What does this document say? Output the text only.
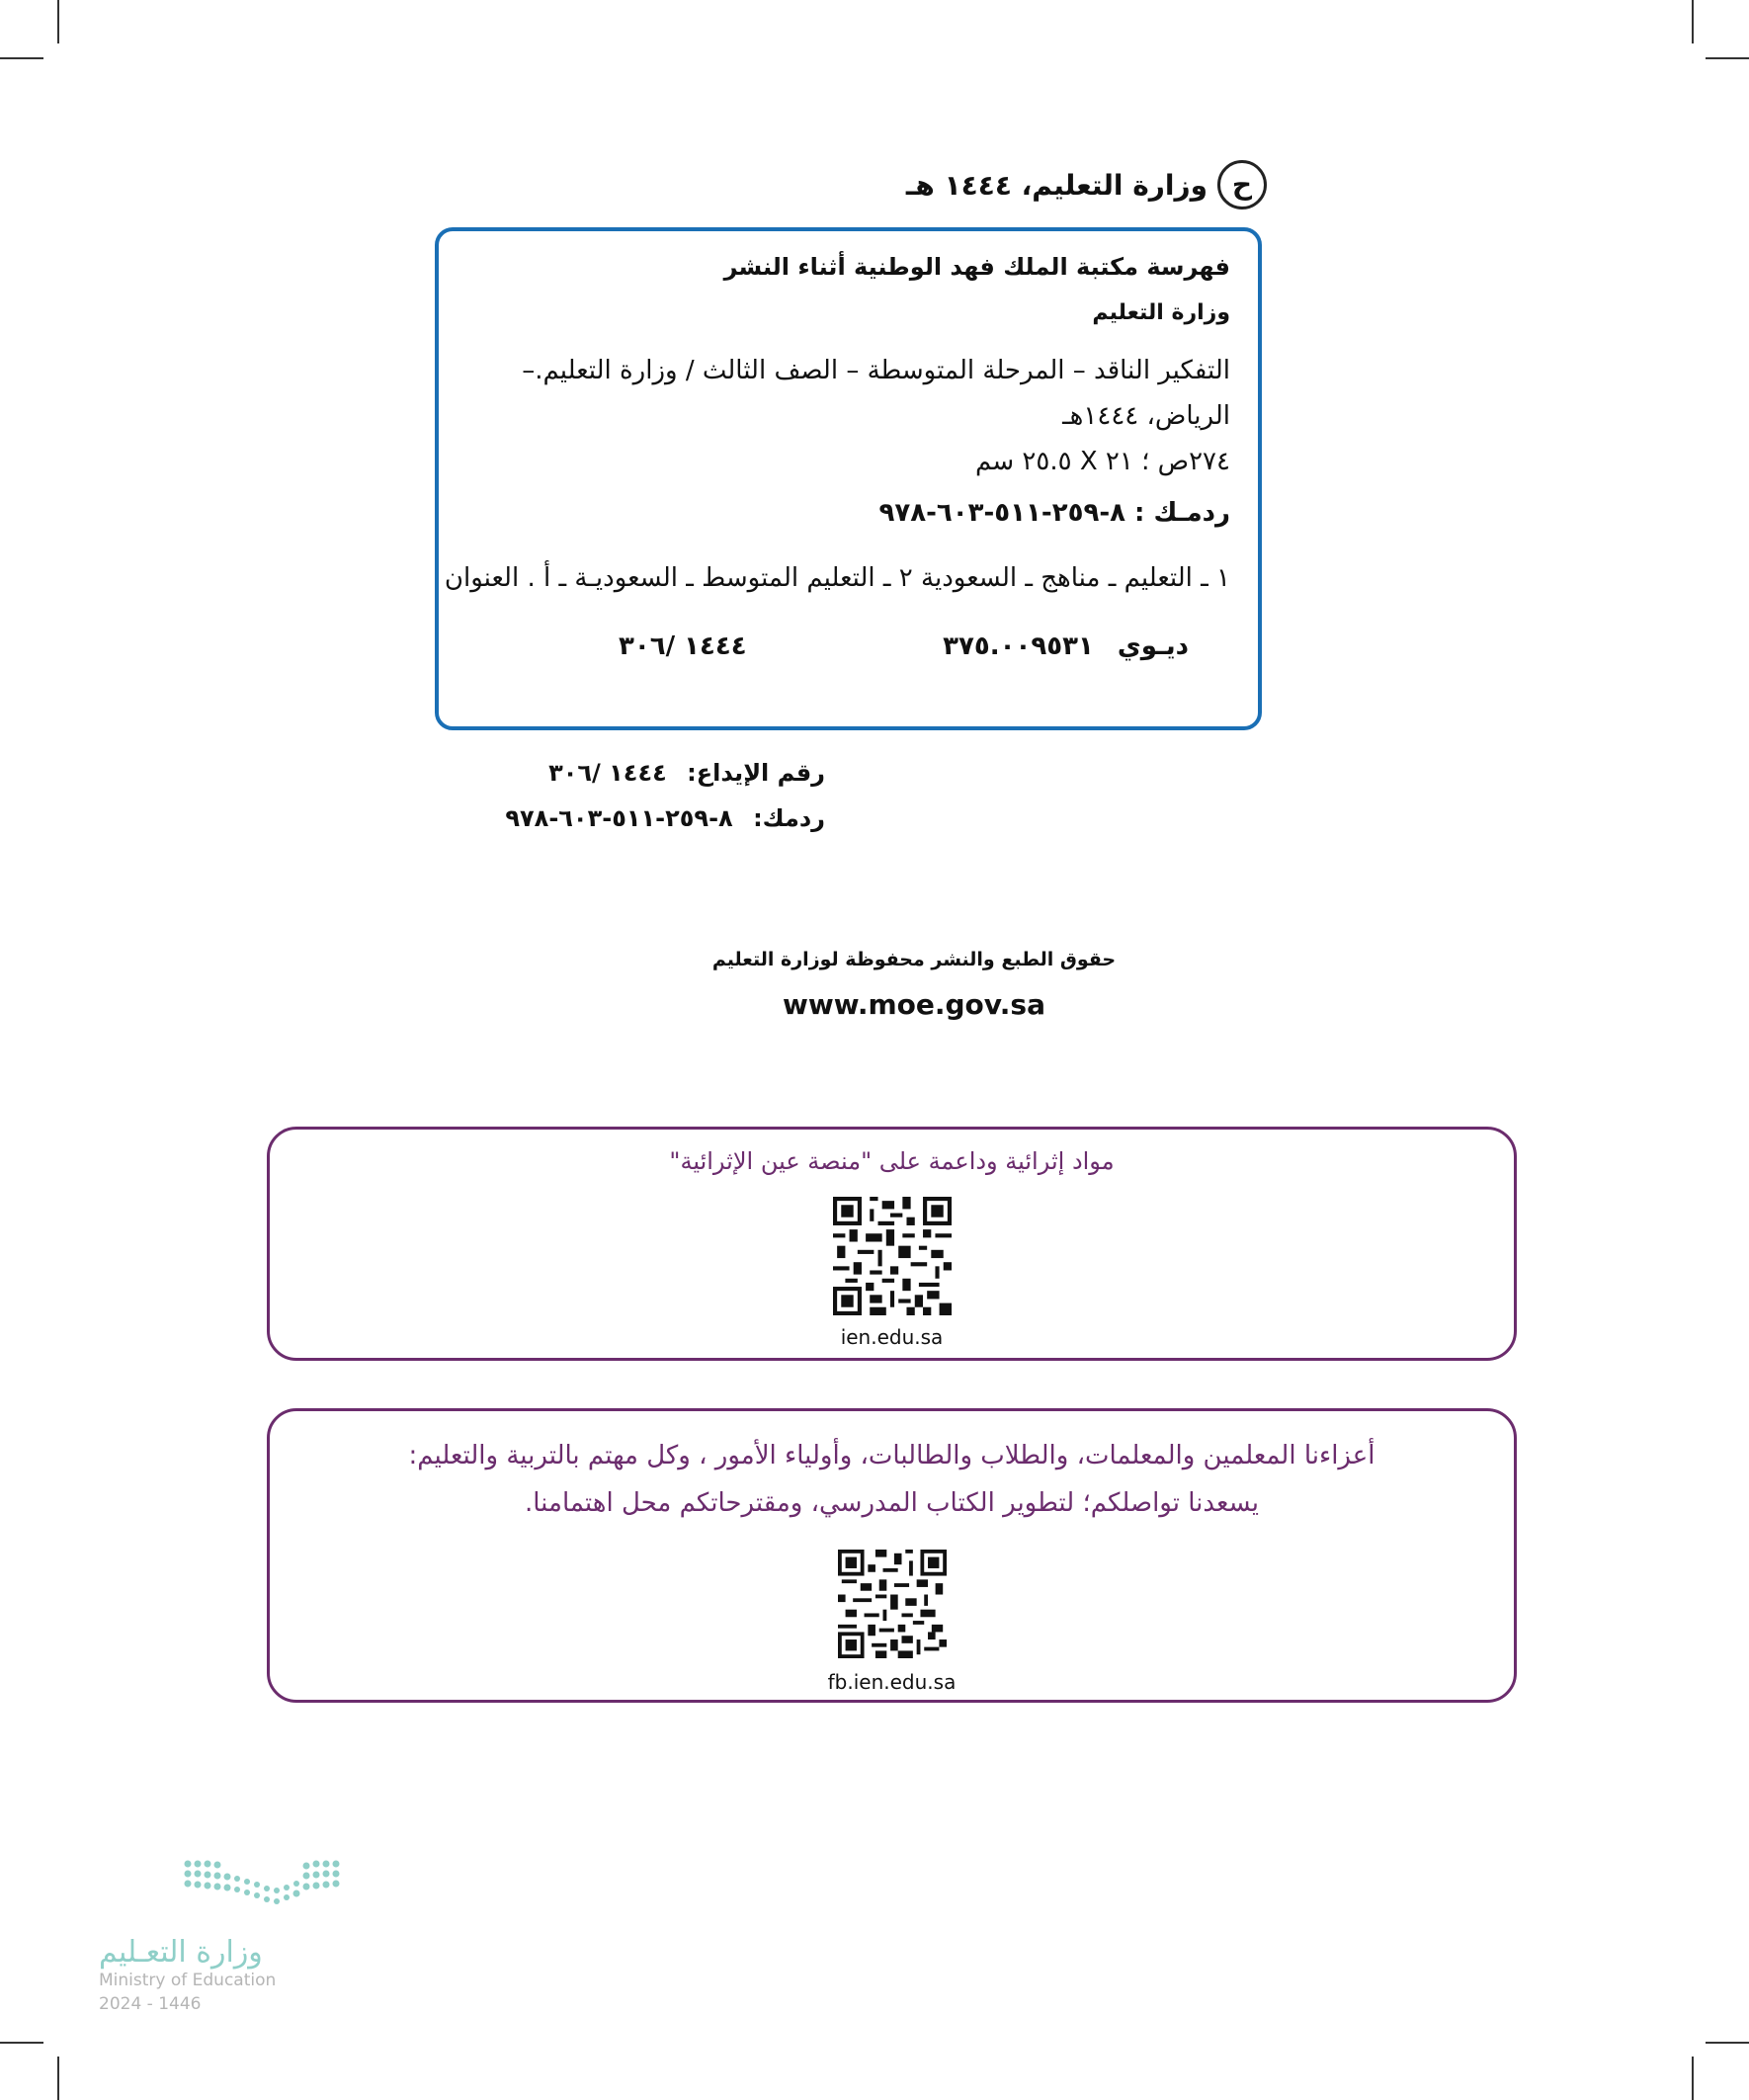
ح
وزارة التعليم، ١٤٤٤ هـ
فهرسة مكتبة الملك فهد الوطنية أثناء النشر
وزارة التعليم
التفكير الناقد – المرحلة المتوسطة – الصف الثالث / وزارة التعليم.– الرياض، ١٤٤٤هـ
٢٧٤ص ؛ ٢١ X ٢٥.٥ سم
ردمـك : ٨-٢٥٩-٥١١-٦٠٣-٩٧٨
١ ـ التعليم ـ مناهج ـ السعودية ٢ ـ التعليم المتوسط ـ السعوديـة ـ أ . العنوان
ديـوي
٣٧٥.٠٠٩٥٣١
١٤٤٤ /٣٠٦
رقم الإيداع: ١٤٤٤ /٣٠٦
ردمك: ٨-٢٥٩-٥١١-٦٠٣-٩٧٨
حقوق الطبع والنشر محفوظة لوزارة التعليم
www.moe.gov.sa
مواد إثرائية وداعمة على "منصة عين الإثرائية"
ien.edu.sa
أعزاءنا المعلمين والمعلمات، والطلاب والطالبات، وأولياء الأمور ، وكل مهتم بالتربية والتعليم:
يسعدنا تواصلكم؛ لتطوير الكتاب المدرسي، ومقترحاتكم محل اهتمامنا.
fb.ien.edu.sa
وزارة التعـليم
Ministry of Education
2024 - 1446
